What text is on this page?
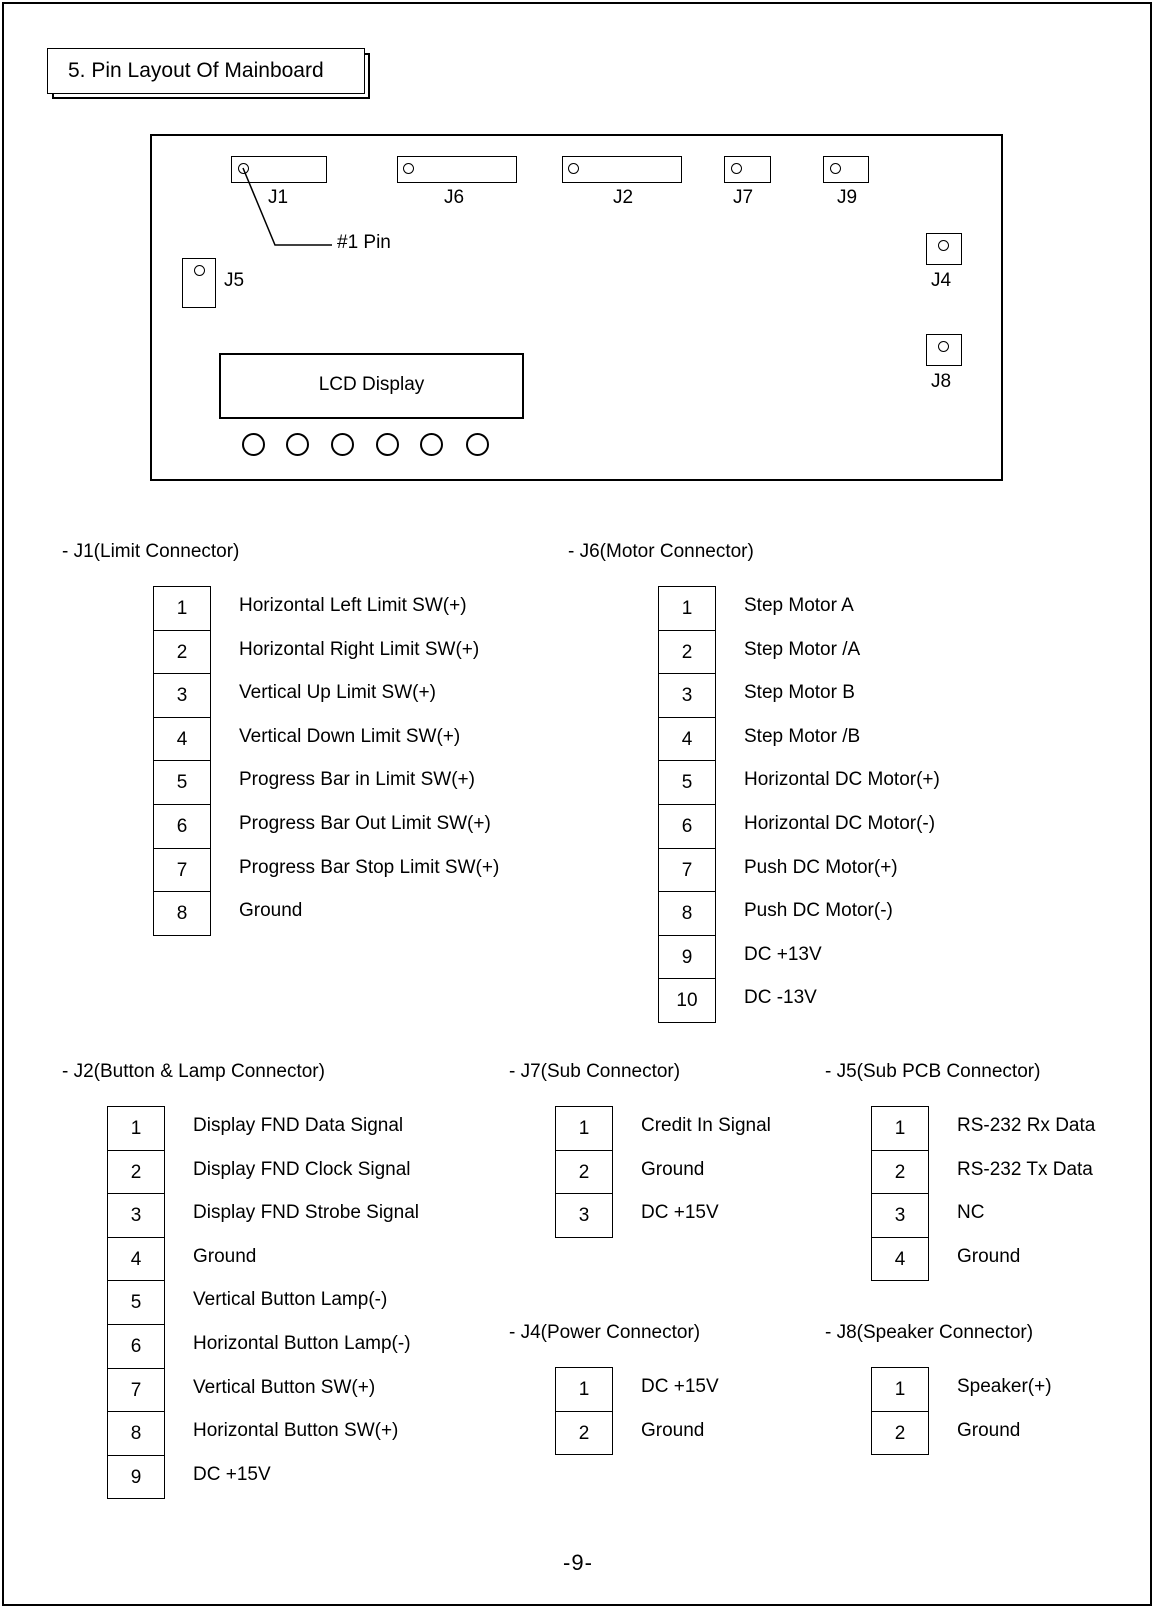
5. Pin Layout Of Mainboard
J1	J6	J2	J7	J9
#1 Pin
J5	J4
J8
LCD Display
- J1(Limit Connector)
1	Horizontal Left Limit SW(+)
2	Horizontal Right Limit SW(+)
3	Vertical Up Limit SW(+)
4	Vertical Down Limit SW(+)
5	Progress Bar in Limit SW(+)
6	Progress Bar Out Limit SW(+)
7	Progress Bar Stop Limit SW(+)
8	Ground
- J6(Motor Connector)
1	Step Motor A
2	Step Motor /A
3	Step Motor B
4	Step Motor /B
5	Horizontal DC Motor(+)
6	Horizontal DC Motor(-)
7	Push DC Motor(+)
8	Push DC Motor(-)
9	DC +13V
10	DC -13V
- J2(Button & Lamp Connector)
1	Display FND Data Signal
2	Display FND Clock Signal
3	Display FND Strobe Signal
4	Ground
5	Vertical Button Lamp(-)
6	Horizontal Button Lamp(-)
7	Vertical Button SW(+)
8	Horizontal Button SW(+)
9	DC +15V
- J7(Sub Connector)
1	Credit In Signal
2	Ground
3	DC +15V
- J5(Sub PCB Connector)
1	RS-232 Rx Data
2	RS-232 Tx Data
3	NC
4	Ground
- J4(Power Connector)
1	DC +15V
2	Ground
- J8(Speaker Connector)
1	Speaker(+)
2	Ground
-9-
